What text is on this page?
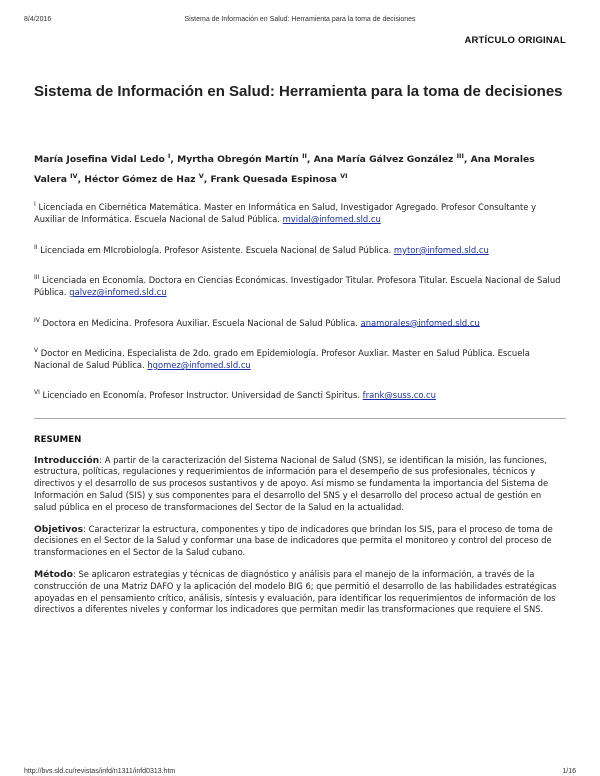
8/4/2016	Sistema de Información en Salud: Herramienta para la toma de decisiones
ARTÍCULO ORIGINAL
Sistema de Información en Salud: Herramienta para la toma de decisiones
María Josefina Vidal Ledo $^I$, Myrtha Obregón Martín $^{II}$, Ana María Gálvez González $^{III}$, Ana Morales Valera $^{IV}$, Héctor Gómez de Haz $^V$, Frank Quesada Espinosa $^{VI}$
$^I$ Licenciada en Cibernética Matemática. Master en Informática en Salud, Investigador Agregado. Profesor Consultante y Auxiliar de Informática. Escuela Nacional de Salud Pública. mvidal@infomed.sld.cu
$^{II}$ Licenciada em MIcrobiología. Profesor Asistente. Escuela Nacional de Salud Pública. mytor@infomed.sld.cu
$^{III}$ Licenciada en Economía. Doctora en Ciencias Económicas. Investigador Titular. Profesora Titular. Escuela Nacional de Salud Pública. galvez@infomed.sld.cu
$^{IV}$ Doctora en Medicina. Profesora Auxiliar. Escuela Nacional de Salud Pública. anamorales@infomed.sld.cu
$^V$ Doctor en Medicina. Especialista de 2do. grado em Epidemiología. Profesor Auxliar. Master en Salud Pública. Escuela Nacional de Salud Pública. hgomez@infomed.sld.cu
$^{VI}$ Licenciado en Economía. Profesor Instructor. Universidad de Sancti Spiritus. frank@suss.co.cu
RESUMEN
Introducción: A partir de la caracterización del Sistema Nacional de Salud (SNS), se identifican la misión, las funciones, estructura, políticas, regulaciones y requerimientos de información para el desempeño de sus profesionales, técnicos y directivos y el desarrollo de sus procesos sustantivos y de apoyo. Así mismo se fundamenta la importancia del Sistema de Información en Salud (SIS) y sus componentes para el desarrollo del SNS y el desarrollo del proceso actual de gestión en salud pública en el proceso de transformaciones del Sector de la Salud en la actualidad.
Objetivos: Caracterizar la estructura, componentes y tipo de indicadores que brindan los SIS, para el proceso de toma de decisiones en el Sector de la Salud y conformar una base de indicadores que permita el monitoreo y control del proceso de transformaciones en el Sector de la Salud cubano.
Método: Se aplicaron estrategias y técnicas de diagnóstico y análisis para el manejo de la información, a través de la construcción de una Matriz DAFO y la aplicación del modelo BIG 6; que permitió el desarrollo de las habilidades estratégicas apoyadas en el pensamiento crítico, análisis, síntesis y evaluación, para identificar los requerimientos de información de los directivos a diferentes niveles y conformar los indicadores que permitan medir las transformaciones que requiere el SNS.
http://bvs.sld.cu/revistas/infd/n1311/infd0313.htm	1/16
